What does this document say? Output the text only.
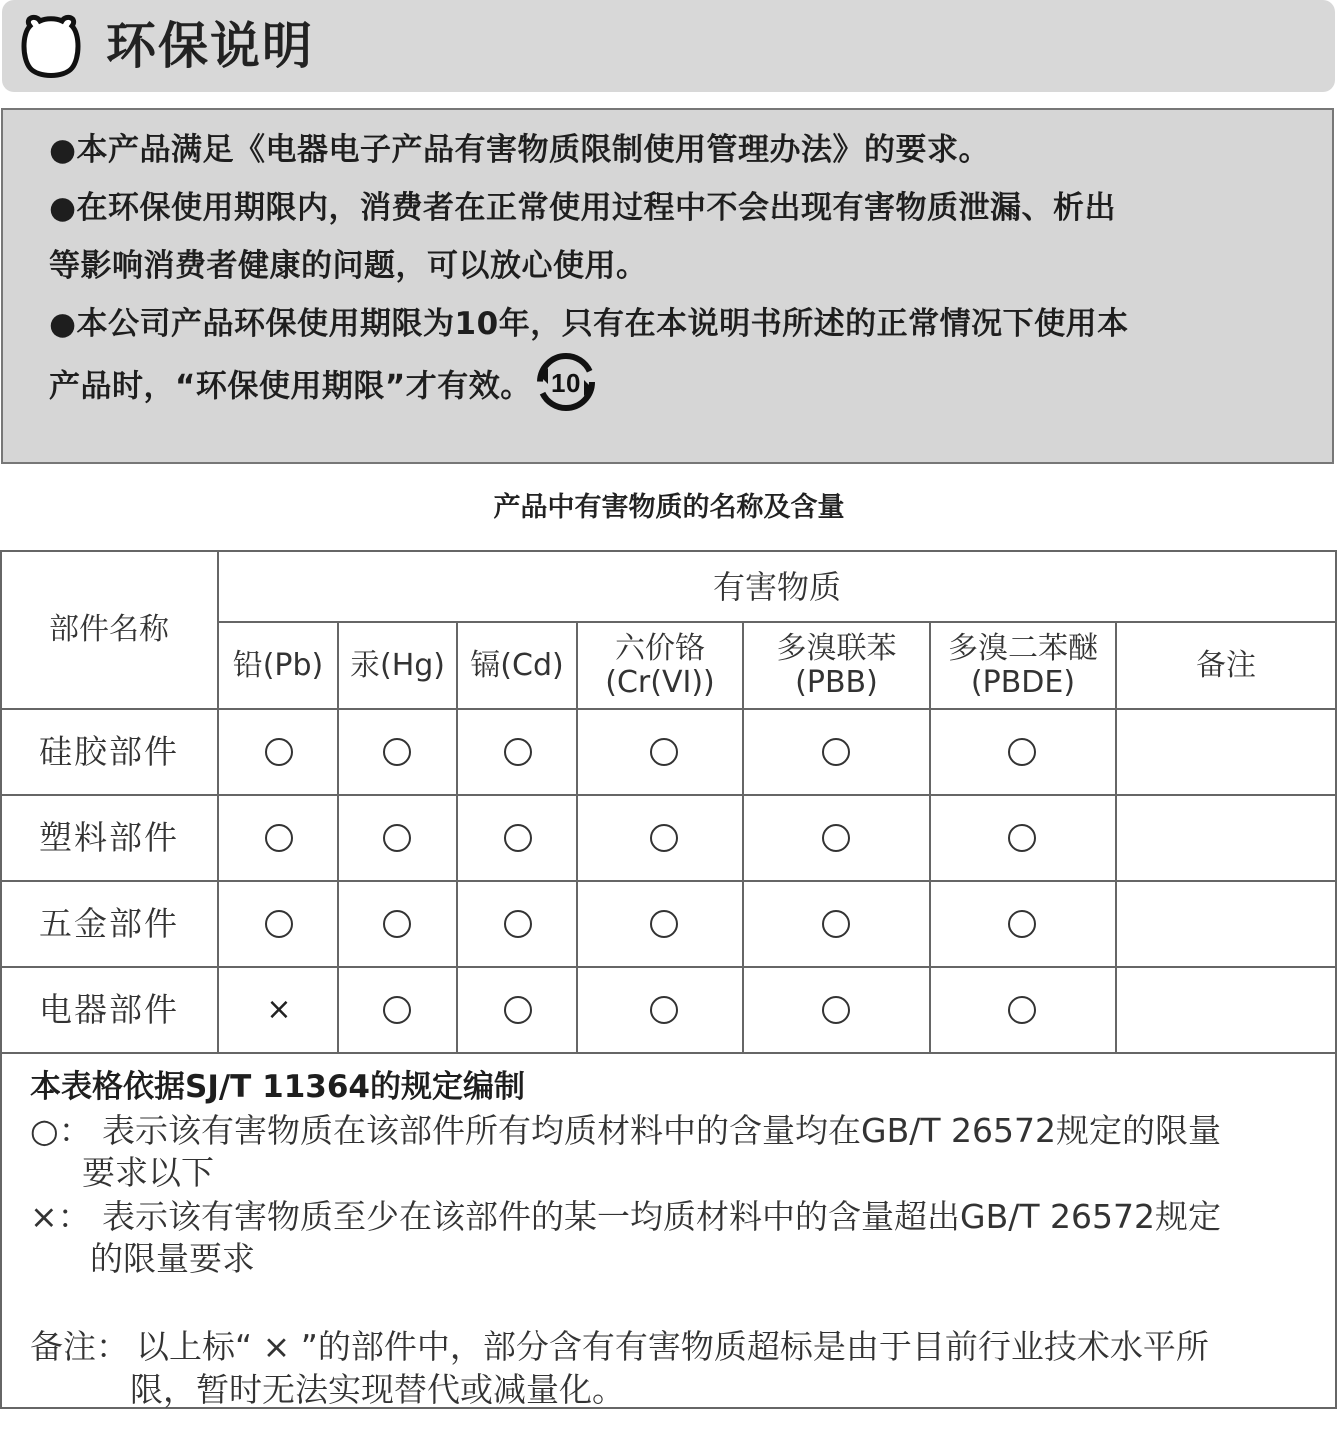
环保说明

●本产品满足《电器电子产品有害物质限制使用管理办法》的要求。

●在环保使用期限内，消费者在正常使用过程中不会出现有害物质泄漏、析出

等影响消费者健康的问题，可以放心使用。

●本公司产品环保使用期限为10年，只有在本说明书所述的正常情况下使用本

产品时，“环保使用期限”才有效。 10

产品中有害物质的名称及含量
部件名称
有害物质
铅(Pb) 汞(Hg) 镉(Cd) 六价铬
(Cr(VI))
多溴联苯
(PBB)
多溴二苯醚
(PBDE)	备注
硅胶部件
塑料部件
五金部件
电器部件	×

本表格依据SJ/T 11364的规定编制

○： 表示该有害物质在该部件所有均质材料中的含量均在GB/T 26572规定的限量

要求以下

×： 表示该有害物质至少在该部件的某一均质材料中的含量超出GB/T 26572规定

的限量要求

备注： 以上标“ × ”的部件中，部分含有有害物质超标是由于目前行业技术水平所

限，暂时无法实现替代或减量化。
